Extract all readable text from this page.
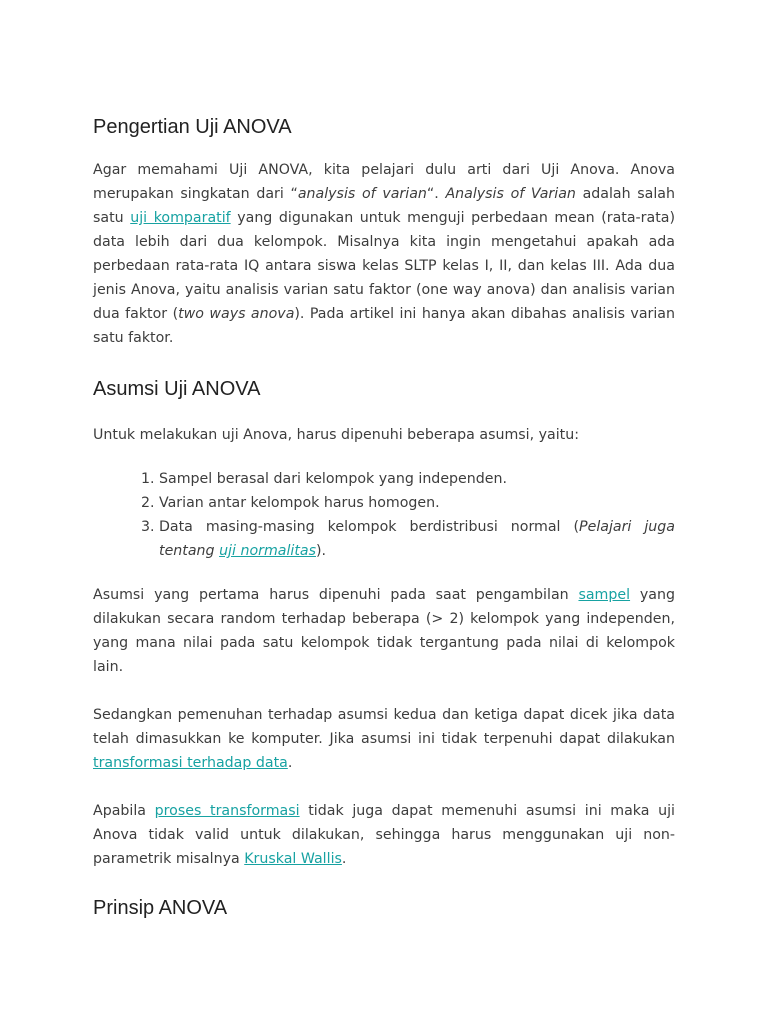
Pengertian Uji ANOVA

Agar memahami Uji ANOVA, kita pelajari dulu arti dari Uji Anova. Anova merupakan singkatan dari “analysis of varian“. Analysis of Varian adalah salah satu uji komparatif yang digunakan untuk menguji perbedaan mean (rata-rata) data lebih dari dua kelompok. Misalnya kita ingin mengetahui apakah ada perbedaan rata-rata IQ antara siswa kelas SLTP kelas I, II, dan kelas III. Ada dua jenis Anova, yaitu analisis varian satu faktor (one way anova) dan analisis varian dua faktor (two ways anova). Pada artikel ini hanya akan dibahas analisis varian satu faktor.

Asumsi Uji ANOVA

Untuk melakukan uji Anova, harus dipenuhi beberapa asumsi, yaitu:

1. Sampel berasal dari kelompok yang independen.
2. Varian antar kelompok harus homogen.
3. Data masing-masing kelompok berdistribusi normal (Pelajari juga tentang uji normalitas).

Asumsi yang pertama harus dipenuhi pada saat pengambilan sampel yang dilakukan secara random terhadap beberapa (> 2) kelompok yang independen, yang mana nilai pada satu kelompok tidak tergantung pada nilai di kelompok lain.

Sedangkan pemenuhan terhadap asumsi kedua dan ketiga dapat dicek jika data telah dimasukkan ke komputer. Jika asumsi ini tidak terpenuhi dapat dilakukan transformasi terhadap data.

Apabila proses transformasi tidak juga dapat memenuhi asumsi ini maka uji Anova tidak valid untuk dilakukan, sehingga harus menggunakan uji non-parametrik misalnya Kruskal Wallis.

Prinsip ANOVA
